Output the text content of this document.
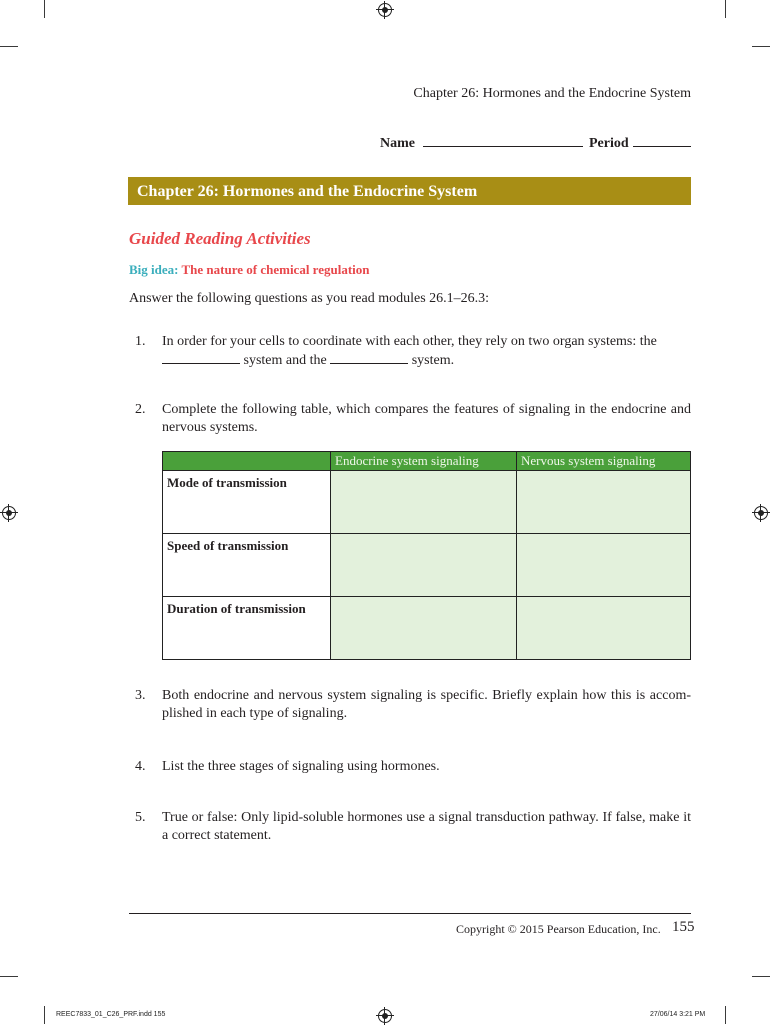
Chapter 26: Hormones and the Endocrine System
Name	Period
Chapter 26: Hormones and the Endocrine System
Guided Reading Activities
Big idea: The nature of chemical regulation
Answer the following questions as you read modules 26.1–26.3:
1.	In order for your cells to coordinate with each other, they rely on two organ systems: the
system and the	system.
2.	Complete the following table, which compares the features of signaling in the endocrine and nervous systems.
	Endocrine system signaling	Nervous system signaling
Mode of transmission		
Speed of transmission		
Duration of transmission		
3.	Both endocrine and nervous system signaling is specific. Briefly explain how this is accom- plished in each type of signaling.
4.	List the three stages of signaling using hormones.
5.	True or false: Only lipid-soluble hormones use a signal transduction pathway. If false, make it a correct statement.
Copyright © 2015 Pearson Education, Inc. 155
REEC7833_01_C26_PRF.indd 155	27/06/14 3:21 PM
